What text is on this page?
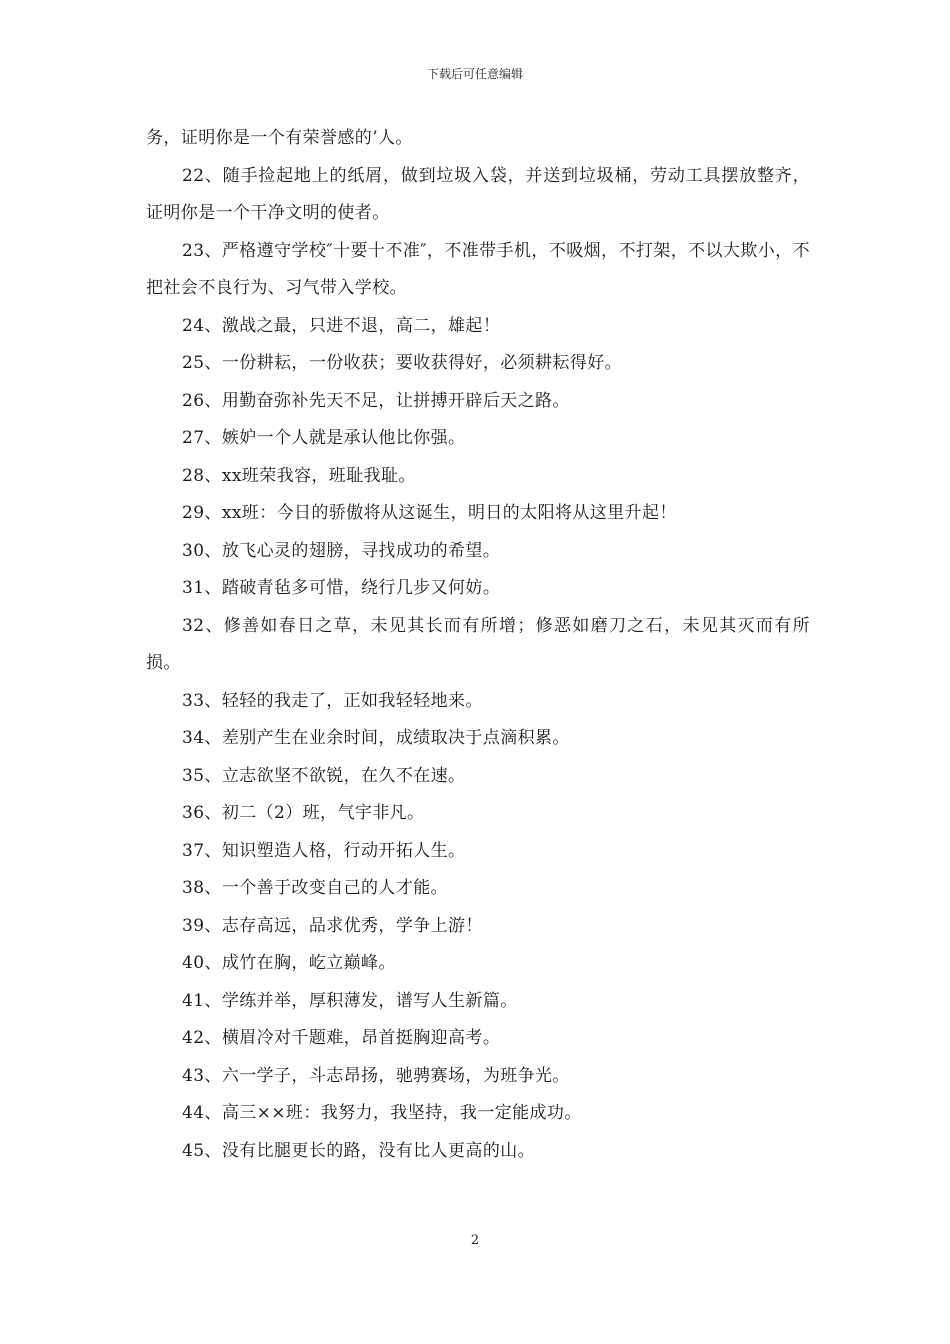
下载后可任意编辑

务，证明你是一个有荣誉感的’人。

22、随手捡起地上的纸屑，做到垃圾入袋，并送到垃圾桶，劳动工具摆放整齐，证明你是一个干净文明的使者。

23、严格遵守学校″十要十不准″，不准带手机，不吸烟，不打架，不以大欺小，不把社会不良行为、习气带入学校。

24、激战之最，只进不退，高二，雄起！

25、一份耕耘，一份收获；要收获得好，必须耕耘得好。

26、用勤奋弥补先天不足，让拼搏开辟后天之路。

27、嫉妒一个人就是承认他比你强。

28、xx班荣我容，班耻我耻。

29、xx班：今日的骄傲将从这诞生，明日的太阳将从这里升起！

30、放飞心灵的翅膀，寻找成功的希望。

31、踏破青毡多可惜，绕行几步又何妨。

32、修善如春日之草，未见其长而有所增；修恶如磨刀之石，未见其灭而有所损。

33、轻轻的我走了，正如我轻轻地来。

34、差别产生在业余时间，成绩取决于点滴积累。

35、立志欲坚不欲锐，在久不在速。

36、初二（2）班，气宇非凡。

37、知识塑造人格，行动开拓人生。

38、一个善于改变自己的人才能。

39、志存高远，品求优秀，学争上游！

40、成竹在胸，屹立巅峰。

41、学练并举，厚积薄发，谱写人生新篇。

42、横眉冷对千题难，昂首挺胸迎高考。

43、六一学子，斗志昂扬，驰骋赛场，为班争光。

44、高三××班：我努力，我坚持，我一定能成功。

45、没有比腿更长的路，没有比人更高的山。

2
